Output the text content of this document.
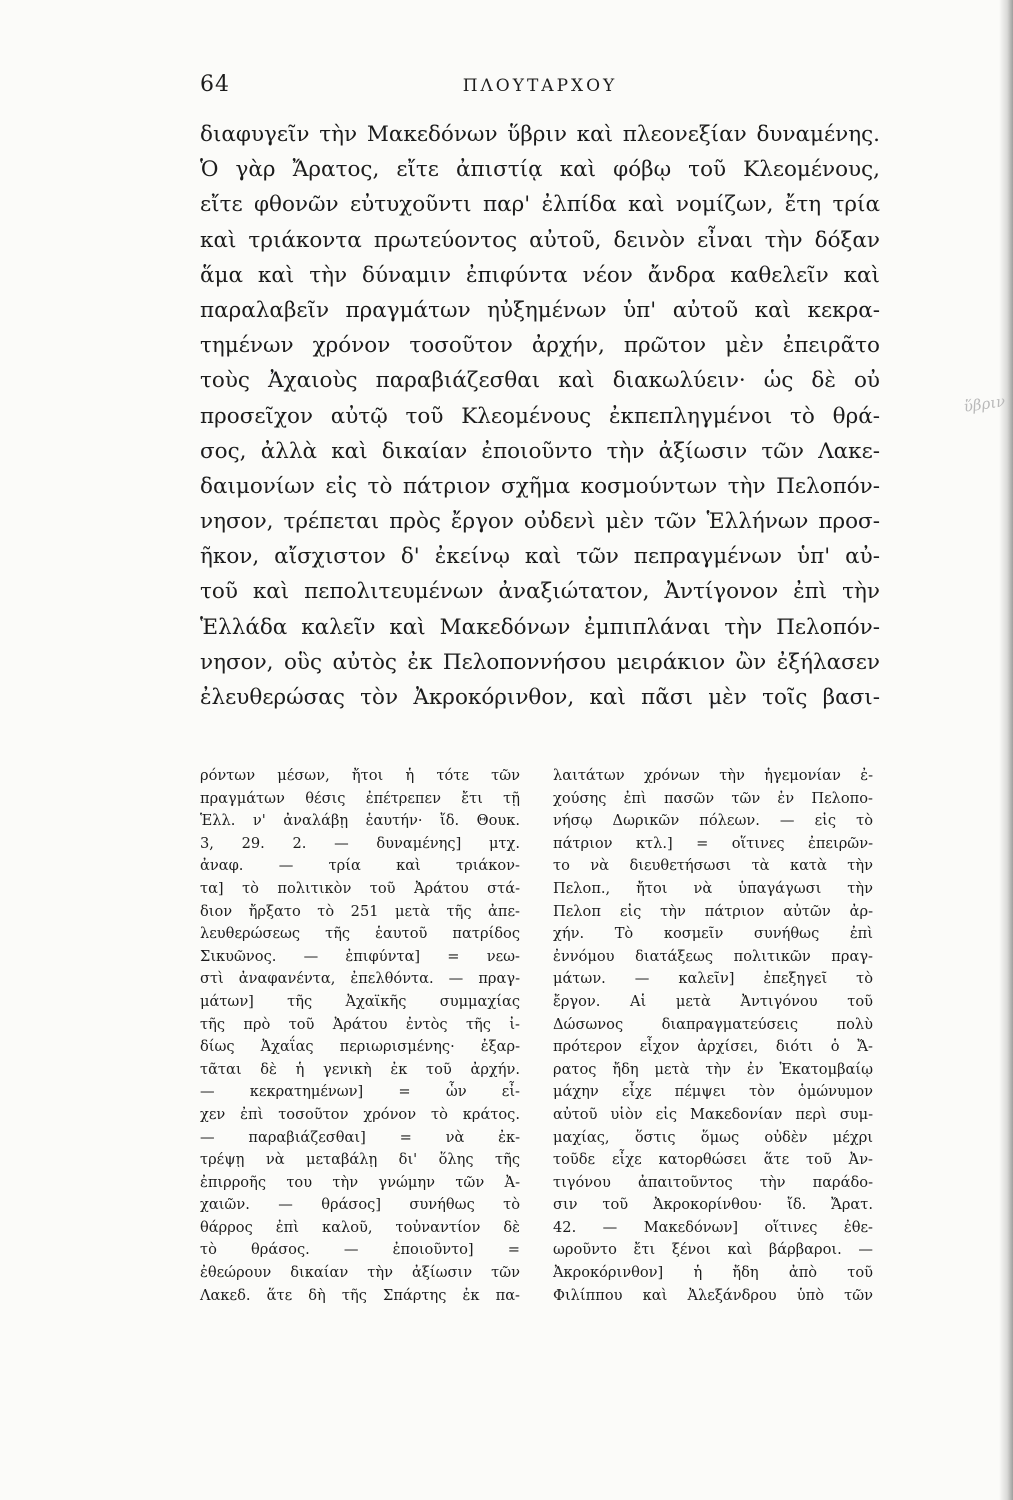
ὕβριν
64	ΠΛΟΥΤΑΡΧΟΥ
διαφυγεῖν τὴν Μακεδόνων ὕβριν καὶ πλεονεξίαν δυναμένης.
Ὁ γὰρ Ἄρατος, εἴτε ἀπιστίᾳ καὶ φόβῳ τοῦ Κλεομένους,
εἴτε φθονῶν εὐτυχοῦντι παρ' ἐλπίδα καὶ νομίζων, ἔτη τρία
καὶ τριάκοντα πρωτεύοντος αὐτοῦ, δεινὸν εἶναι τὴν δόξαν
ἅμα καὶ τὴν δύναμιν ἐπιφύντα νέον ἄνδρα καθελεῖν καὶ
παραλαβεῖν πραγμάτων ηὐξημένων ὑπ' αὐτοῦ καὶ κεκρα-
τημένων χρόνον τοσοῦτον ἀρχήν, πρῶτον μὲν ἐπειρᾶτο
τοὺς Ἀχαιοὺς παραβιάζεσθαι καὶ διακωλύειν· ὡς δὲ οὐ
προσεῖχον αὐτῷ τοῦ Κλεομένους ἐκπεπληγμένοι τὸ θρά-
σος, ἀλλὰ καὶ δικαίαν ἐποιοῦντο τὴν ἀξίωσιν τῶν Λακε-
δαιμονίων εἰς τὸ πάτριον σχῆμα κοσμούντων τὴν Πελοπόν-
νησον, τρέπεται πρὸς ἔργον οὐδενὶ μὲν τῶν Ἑλλήνων προσ-
ῆκον, αἴσχιστον δ' ἐκείνῳ καὶ τῶν πεπραγμένων ὑπ' αὐ-
τοῦ καὶ πεπολιτευμένων ἀναξιώτατον, Ἀντίγονον ἐπὶ τὴν
Ἑλλάδα καλεῖν καὶ Μακεδόνων ἐμπιπλάναι τὴν Πελοπόν-
νησον, οὓς αὐτὸς ἐκ Πελοποννήσου μειράκιον ὢν ἐξήλασεν
ἐλευθερώσας τὸν Ἀκροκόρινθον, καὶ πᾶσι μὲν τοῖς βασι-
ρόντων μέσων, ἤτοι ἡ τότε τῶν
πραγμάτων θέσις ἐπέτρεπεν ἔτι τῇ
Ἑλλ. ν' ἀναλάβῃ ἑαυτήν· ἴδ. Θουκ.
3, 29. 2. — δυναμένης] μτχ.
ἀναφ. — τρία καὶ τριάκον-
τα] τὸ πολιτικὸν τοῦ Ἀράτου στά-
διον ἤρξατο τὸ 251 μετὰ τῆς ἀπε-
λευθερώσεως τῆς ἑαυτοῦ πατρίδος
Σικυῶνος. — ἐπιφύντα] = νεω-
στὶ ἀναφανέντα, ἐπελθόντα. — πραγ-
μάτων] τῆς Ἀχαϊκῆς συμμαχίας
τῆς πρὸ τοῦ Ἀράτου ἐντὸς τῆς ἰ-
δίως Ἀχαΐας περιωρισμένης· ἐξαρ-
τᾶται δὲ ἡ γενικὴ ἐκ τοῦ ἀρχήν.
— κεκρατημένων] = ὧν εἶ-
χεν ἐπὶ τοσοῦτον χρόνον τὸ κράτος.
— παραβιάζεσθαι] = νὰ ἐκ-
τρέψῃ νὰ μεταβάλῃ δι' ὅλης τῆς
ἐπιρροῆς του τὴν γνώμην τῶν Ἀ-
χαιῶν. — θράσος] συνήθως τὸ
θάρρος ἐπὶ καλοῦ, τοὐναντίον δὲ
τὸ θράσος. — ἐποιοῦντο] =
ἐθεώρουν δικαίαν τὴν ἀξίωσιν τῶν
Λακεδ. ἅτε δὴ τῆς Σπάρτης ἐκ πα-
λαιτάτων χρόνων τὴν ἡγεμονίαν ἐ-
χούσης ἐπὶ πασῶν τῶν ἐν Πελοπο-
νήσῳ Δωρικῶν πόλεων. — εἰς τὸ
πάτριον κτλ.] = οἵτινες ἐπειρῶν-
το νὰ διευθετήσωσι τὰ κατὰ τὴν
Πελοπ., ἤτοι νὰ ὑπαγάγωσι τὴν
Πελοπ εἰς τὴν πάτριον αὐτῶν ἀρ-
χήν. Τὸ κοσμεῖν συνήθως ἐπὶ
ἐννόμου διατάξεως πολιτικῶν πραγ-
μάτων. — καλεῖν] ἐπεξηγεῖ τὸ
ἔργον. Αἱ μετὰ Ἀντιγόνου τοῦ
Δώσωνος διαπραγματεύσεις πολὺ
πρότερον εἶχον ἀρχίσει, διότι ὁ Ἄ-
ρατος ἤδη μετὰ τὴν ἐν Ἑκατομβαίῳ
μάχην εἶχε πέμψει τὸν ὁμώνυμον
αὐτοῦ υἱὸν εἰς Μακεδονίαν περὶ συμ-
μαχίας, ὅστις ὅμως οὐδὲν μέχρι
τοῦδε εἶχε κατορθώσει ἅτε τοῦ Ἀν-
τιγόνου ἀπαιτοῦντος τὴν παράδο-
σιν τοῦ Ἀκροκορίνθου· ἴδ. Ἄρατ.
42. — Μακεδόνων] οἵτινες ἐθε-
ωροῦντο ἔτι ξένοι καὶ βάρβαροι. —
Ἀκροκόρινθον] ἡ ἤδη ἀπὸ τοῦ
Φιλίππου καὶ Ἀλεξάνδρου ὑπὸ τῶν
